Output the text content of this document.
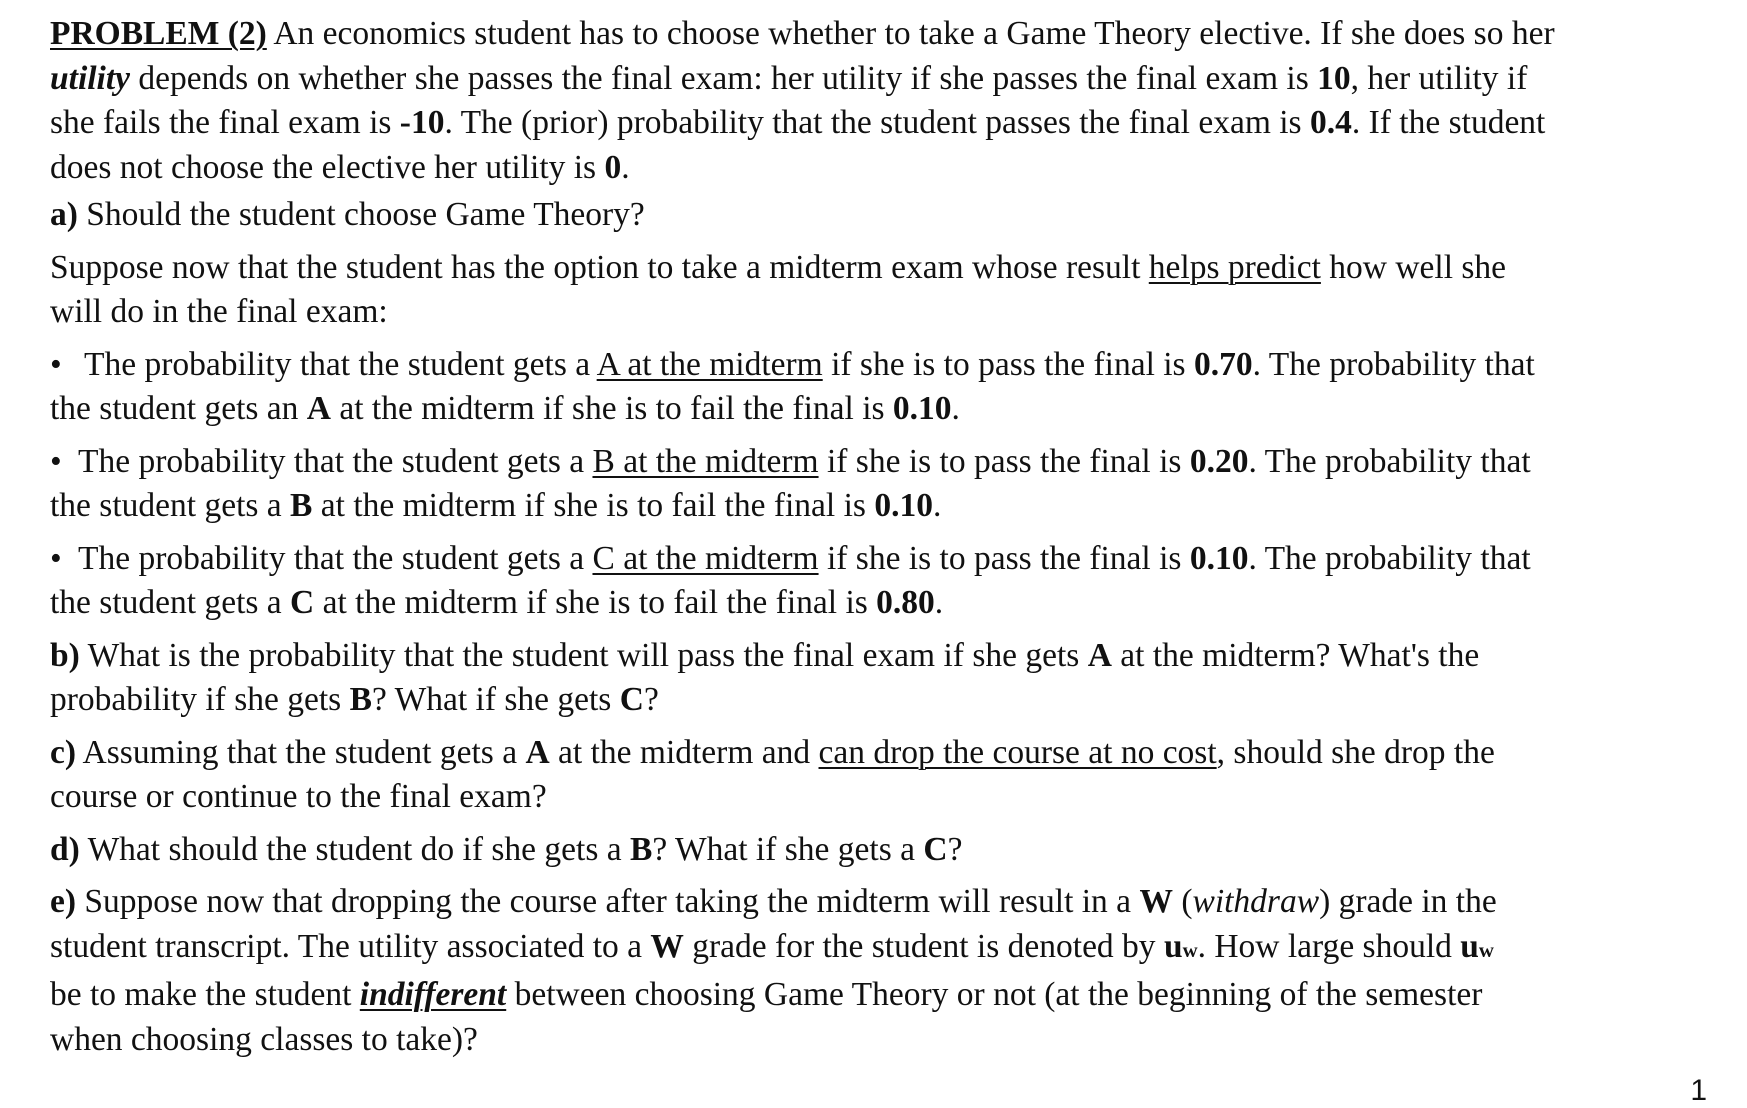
PROBLEM (2) An economics student has to choose whether to take a Game Theory elective. If she does so her
utility depends on whether she passes the final exam: her utility if she passes the final exam is 10, her utility if
she fails the final exam is -10. The (prior) probability that the student passes the final exam is 0.4. If the student
does not choose the elective her utility is 0.

a) Should the student choose Game Theory?

Suppose now that the student has the option to take a midterm exam whose result helps predict how well she
will do in the final exam:

• The probability that the student gets a A at the midterm if she is to pass the final is 0.70. The probability that
the student gets an A at the midterm if she is to fail the final is 0.10.

• The probability that the student gets a B at the midterm if she is to pass the final is 0.20. The probability that
the student gets a B at the midterm if she is to fail the final is 0.10.

• The probability that the student gets a C at the midterm if she is to pass the final is 0.10. The probability that
the student gets a C at the midterm if she is to fail the final is 0.80.

b) What is the probability that the student will pass the final exam if she gets A at the midterm? What's the
probability if she gets B? What if she gets C?

c) Assuming that the student gets a A at the midterm and can drop the course at no cost, should she drop the
course or continue to the final exam?

d) What should the student do if she gets a B? What if she gets a C?

e) Suppose now that dropping the course after taking the midterm will result in a W (withdraw) grade in the
student transcript. The utility associated to a W grade for the student is denoted by uw. How large should uw
be to make the student indifferent between choosing Game Theory or not (at the beginning of the semester
when choosing classes to take)?

1
